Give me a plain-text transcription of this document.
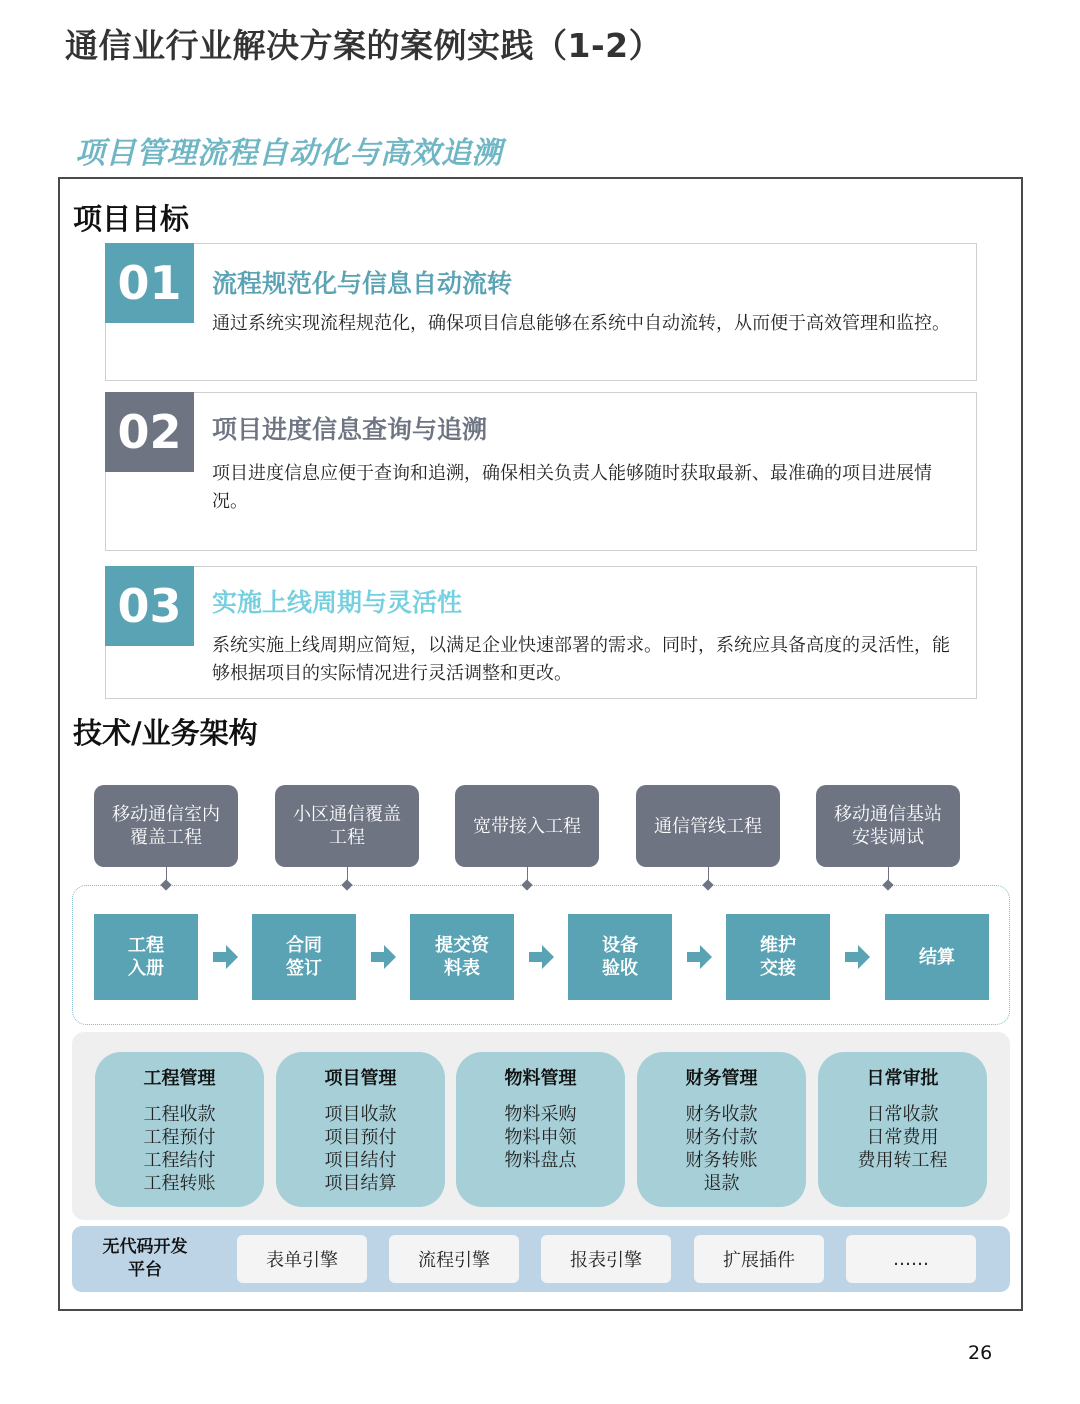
通信业行业解决方案的案例实践（1-2）
项目管理流程自动化与高效追溯
项目目标
01	流程规范化与信息自动流转
通过系统实现流程规范化，确保项目信息能够在系统中自动流转，从而便于高效管理和监控。
02	项目进度信息查询与追溯
项目进度信息应便于查询和追溯，确保相关负责人能够随时获取最新、最准确的项目进展情况。
03	实施上线周期与灵活性
系统实施上线周期应简短，以满足企业快速部署的需求。同时，系统应具备高度的灵活性，能够根据项目的实际情况进行灵活调整和更改。
技术/业务架构
移动通信室内覆盖工程
小区通信覆盖工程
宽带接入工程	通信管线工程
移动通信基站安装调试
工程入册
合同签订
提交资料表
设备验收
维护交接
结算
工程管理
工程收款
工程预付
工程结付
工程转账
项目管理
项目收款
项目预付
项目结付
项目结算
物料管理
物料采购
物料申领
物料盘点
财务管理
财务收款
财务付款
财务转账
退款
日常审批
日常收款
日常费用
费用转工程
无代码开发平台	表单引擎	流程引擎	报表引擎	扩展插件	……
26
